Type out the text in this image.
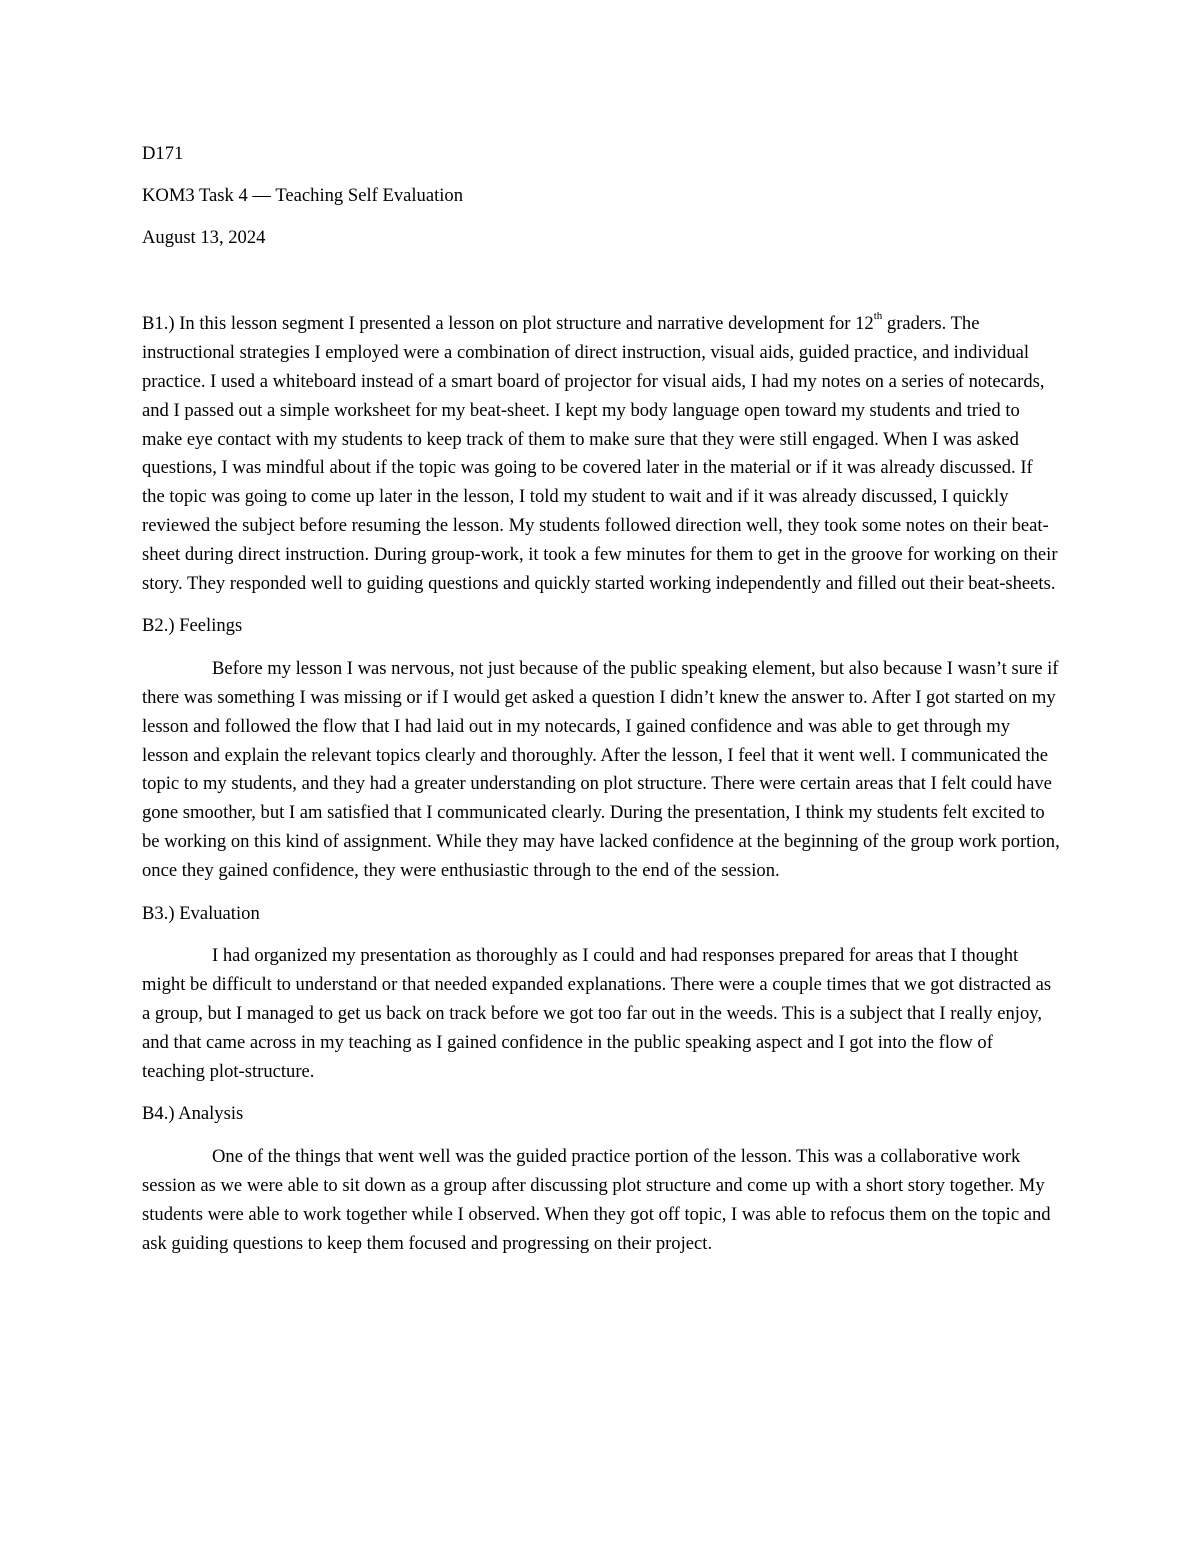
D171
KOM3 Task 4 — Teaching Self Evaluation
August 13, 2024

B1.) In this lesson segment I presented a lesson on plot structure and narrative development for 12th graders. The instructional strategies I employed were a combination of direct instruction, visual aids, guided practice, and individual practice. I used a whiteboard instead of a smart board of projector for visual aids, I had my notes on a series of notecards, and I passed out a simple worksheet for my beat-sheet. I kept my body language open toward my students and tried to make eye contact with my students to keep track of them to make sure that they were still engaged. When I was asked questions, I was mindful about if the topic was going to be covered later in the material or if it was already discussed. If the topic was going to come up later in the lesson, I told my student to wait and if it was already discussed, I quickly reviewed the subject before resuming the lesson. My students followed direction well, they took some notes on their beat-sheet during direct instruction. During group-work, it took a few minutes for them to get in the groove for working on their story. They responded well to guiding questions and quickly started working independently and filled out their beat-sheets.

B2.) Feelings

Before my lesson I was nervous, not just because of the public speaking element, but also because I wasn’t sure if there was something I was missing or if I would get asked a question I didn’t knew the answer to. After I got started on my lesson and followed the flow that I had laid out in my notecards, I gained confidence and was able to get through my lesson and explain the relevant topics clearly and thoroughly. After the lesson, I feel that it went well. I communicated the topic to my students, and they had a greater understanding on plot structure. There were certain areas that I felt could have gone smoother, but I am satisfied that I communicated clearly. During the presentation, I think my students felt excited to be working on this kind of assignment. While they may have lacked confidence at the beginning of the group work portion, once they gained confidence, they were enthusiastic through to the end of the session.

B3.) Evaluation

I had organized my presentation as thoroughly as I could and had responses prepared for areas that I thought might be difficult to understand or that needed expanded explanations. There were a couple times that we got distracted as a group, but I managed to get us back on track before we got too far out in the weeds. This is a subject that I really enjoy, and that came across in my teaching as I gained confidence in the public speaking aspect and I got into the flow of teaching plot-structure.

B4.) Analysis

One of the things that went well was the guided practice portion of the lesson. This was a collaborative work session as we were able to sit down as a group after discussing plot structure and come up with a short story together. My students were able to work together while I observed. When they got off topic, I was able to refocus them on the topic and ask guiding questions to keep them focused and progressing on their project.
